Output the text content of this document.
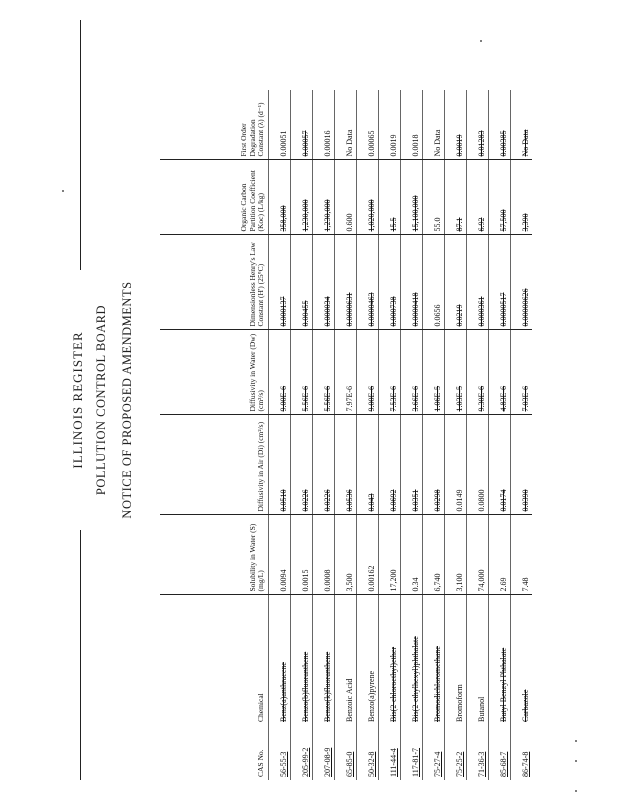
ILLINOIS REGISTER POLLUTION CONTROL BOARD NOTICE OF PROPOSED AMENDMENTS
CAS No.	Chemical	Solubility in Water (S) (mg/L)	Diffusivity in Air (Di) (cm²/s)	Diffusivity in Water (Dw) (cm²/s)	Dimensionless Henry's Law Constant (H') (25°C)	Organic Carbon Partition Coefficient (Koc) (L/kg)	First Order Degradation Constant (λ) (d⁻¹)
56-55-3	Benz(a)anthracene	0.0094	0.0510	9.00E-6	0.000137	358,000	0.00051
205-99-2	Benzo(b)fluoranthene	0.0015	0.0226	5.56E-6	0.00455	1,230,000	0.00057
207-08-9	Benzo(k)fluoranthene	0.0008	0.0226	5.56E-6	0.000034	1,230,000	0.00016
65-85-0	Benzoic Acid	3,500	0.0536	7.97E-6	0.0000631	0.600	No Data
50-32-8	Benzo(a)pyrene	0.00162	0.043	9.00E-6	0.0000463	1,020,000	0.00065
111-44-4	Bis(2-chloroethyl)ether	17,200	0.0692	7.53E-6	0.000738	15.5	0.0019
117-81-7	Bis(2-ethylhexyl)phthalate	0.34	0.0351	3.66E-6	0.0000418	15,100,000	0.0018
75-27-4	Bromodichloromethane	6,740	0.0298	1.06E-5	0.0656	55.0	No Data
75-25-2	Bromoform	3,100	0.0149	1.03E-5	0.0219	87.1	0.0019
71-36-3	Butanol	74,000	0.0800	9.30E-6	0.000361	6.92	0.01283
85-68-7	Butyl Benzyl Phthalate	2.69	0.0174	4.83E-6	0.0000517	57,500	0.00385
86-74-8	Carbazole	7.48	0.0390	7.03E-6	0.00000626	3,390	No Data
